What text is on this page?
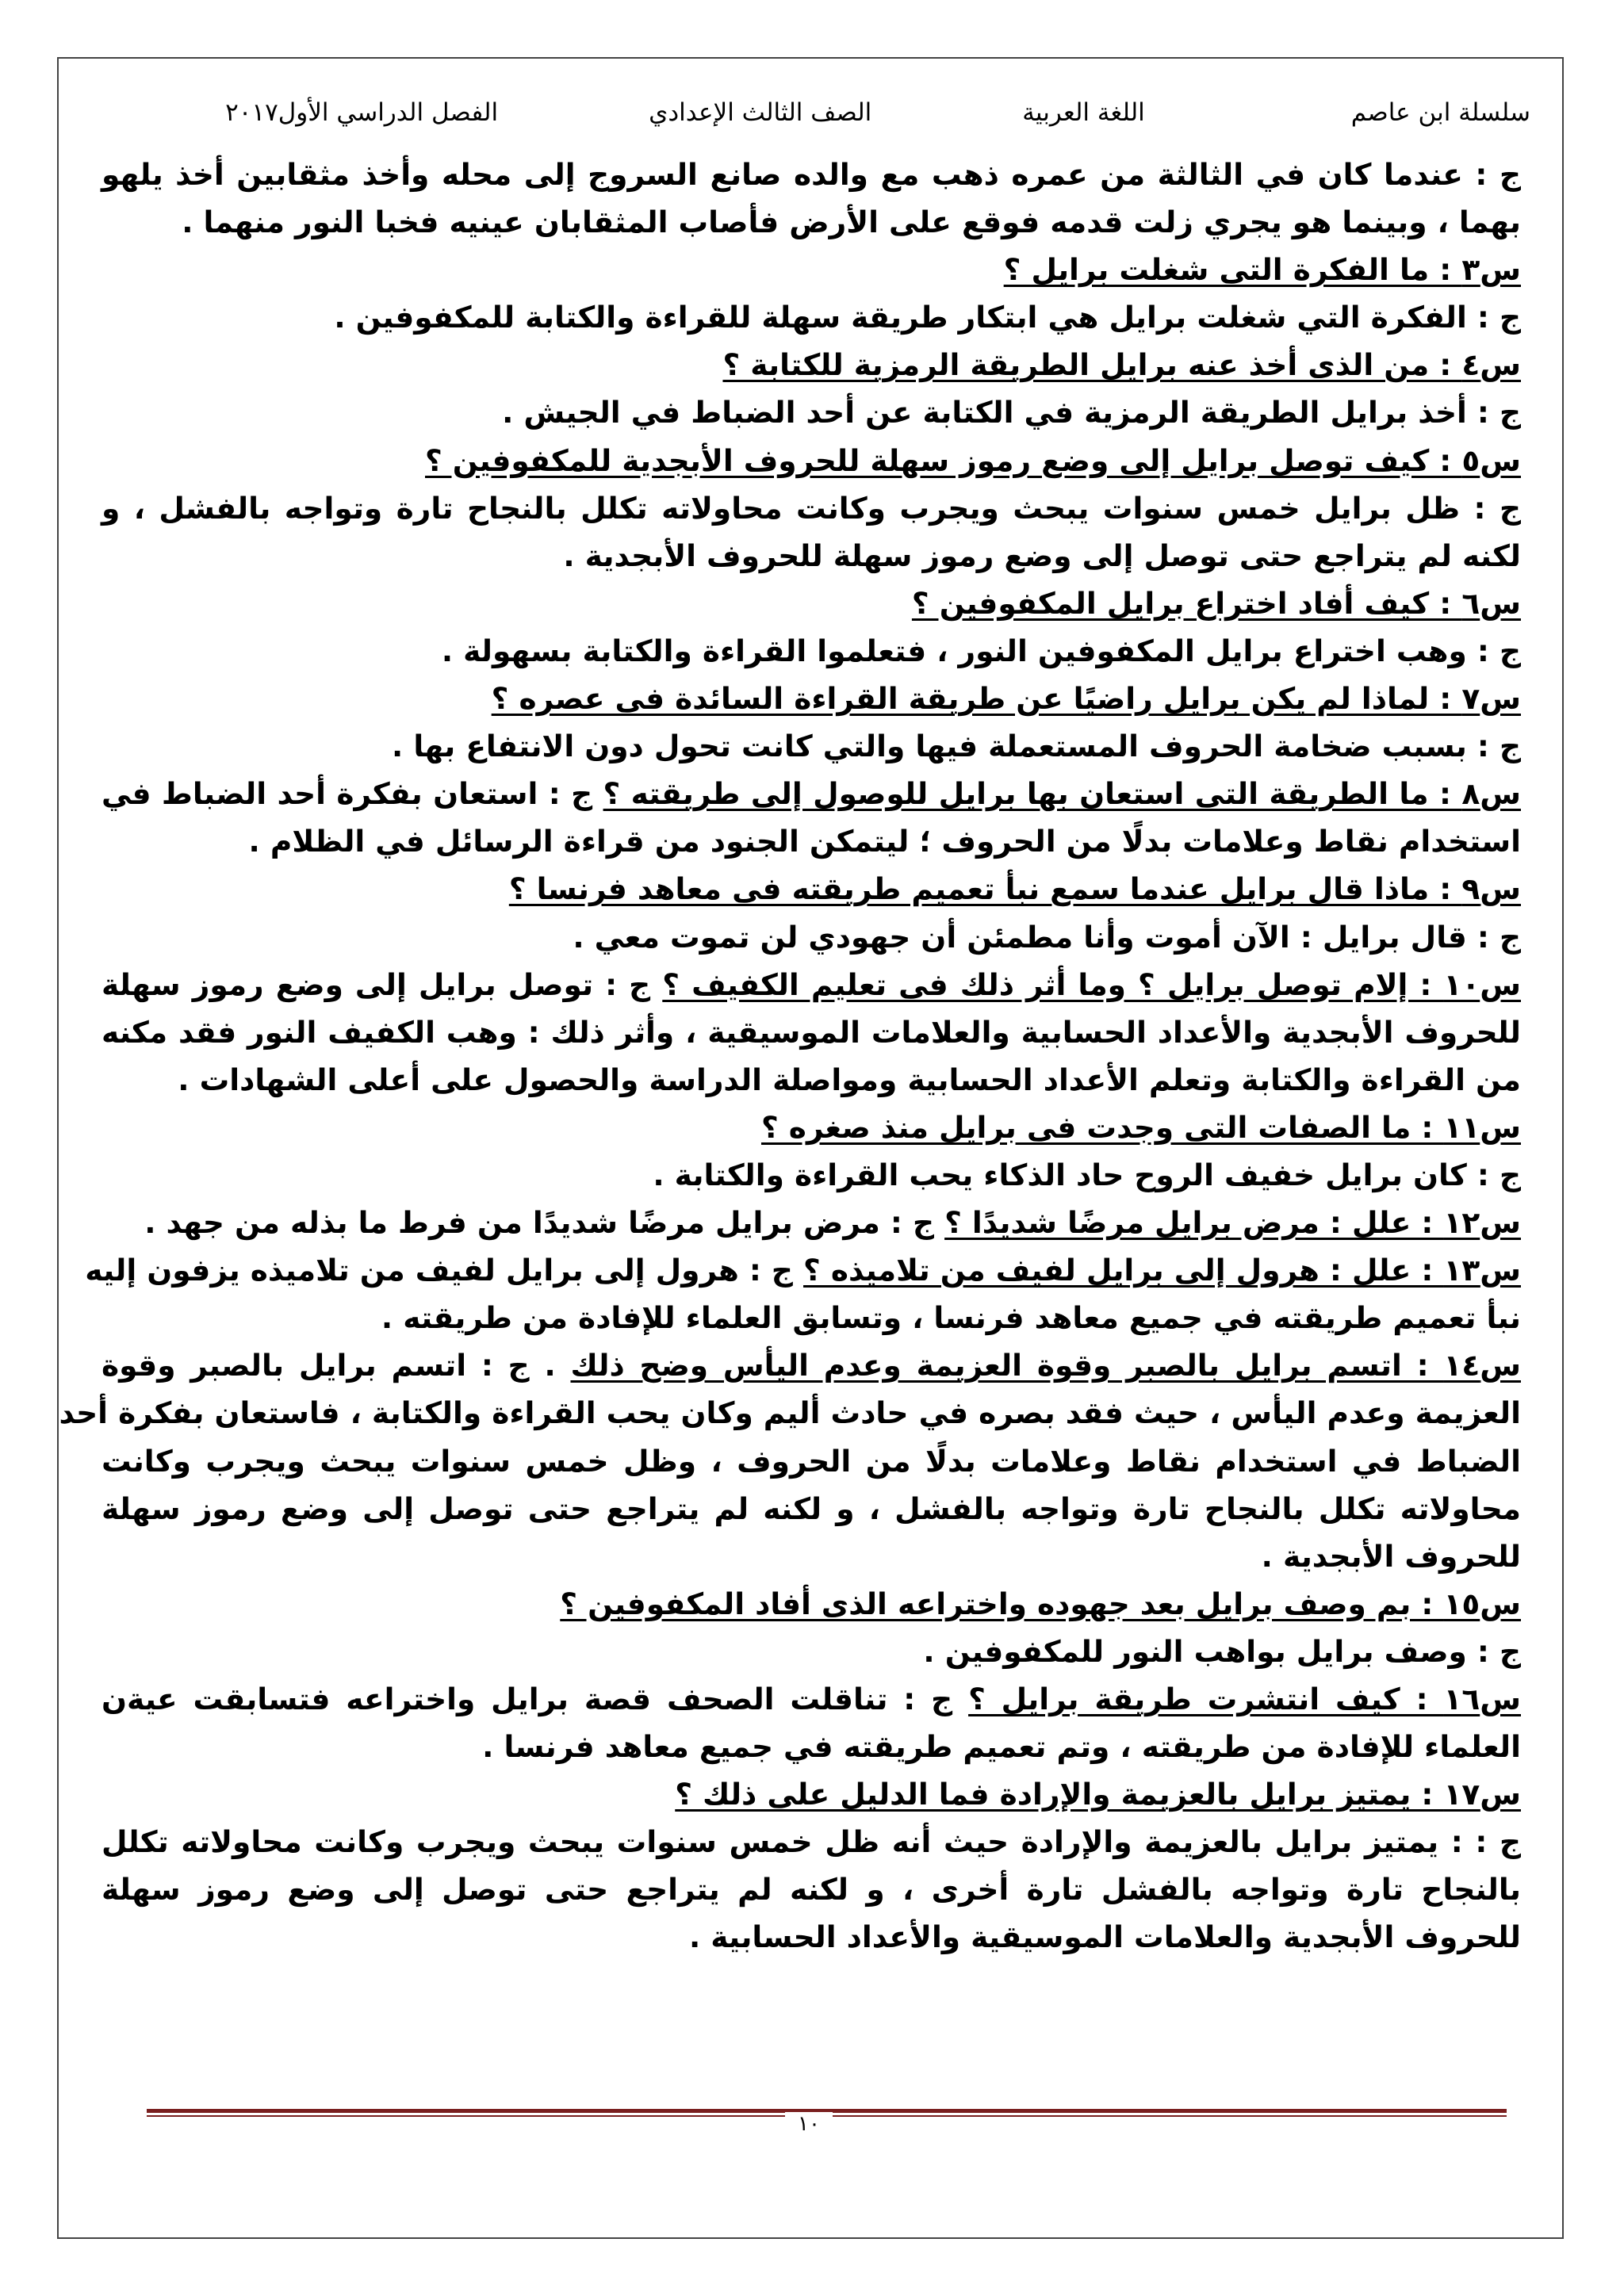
سلسلة ابن عاصم
اللغة العربية
الصف الثالث الإعدادي
الفصل الدراسي الأول
٢٠١٧
ج : عندما كان في الثالثة من عمره ذهب مع والده صانع السروج إلى محله وأخذ مثقابين أخذ يلهو
بهما ، وبينما هو يجري زلت قدمه فوقع على الأرض فأصاب المثقابان عينيه فخبا النور منهما .
س٣ : ما الفكرة التى شغلت برايل ؟
ج : الفكرة التي شغلت برايل هي ابتكار طريقة سهلة للقراءة والكتابة للمكفوفين .
س٤ : من الذى أخذ عنه برايل الطريقة الرمزية للكتابة ؟
ج : أخذ برايل الطريقة الرمزية في الكتابة عن أحد الضباط في الجيش .
س٥ : كيف توصل برايل إلى وضع رموز سهلة للحروف الأبجدية للمكفوفين ؟
ج : ظل برايل خمس سنوات يبحث ويجرب وكانت محاولاته تكلل بالنجاح تارة وتواجه بالفشل ، و
لكنه لم يتراجع حتى توصل إلى وضع رموز سهلة للحروف الأبجدية .
س٦ : كيف أفاد اختراع برايل المكفوفين ؟
ج : وهب اختراع برايل المكفوفين النور ، فتعلموا القراءة والكتابة بسهولة .
س٧ : لماذا لم يكن برايل راضيًا عن طريقة القراءة السائدة فى عصره ؟
ج : بسبب ضخامة الحروف المستعملة فيها والتي كانت تحول دون الانتفاع بها .
س٨ : ما الطريقة التى استعان بها برايل للوصول إلى طريقته ؟ ج : استعان بفكرة أحد الضباط في
استخدام نقاط وعلامات بدلًا من الحروف ؛ ليتمكن الجنود من قراءة الرسائل في الظلام .
س٩ : ماذا قال برايل عندما سمع نبأ تعميم طريقته فى معاهد فرنسا ؟
ج : قال برايل : الآن أموت وأنا مطمئن أن جهودي لن تموت معي .
س١٠ : إلام توصل برايل ؟ وما أثر ذلك فى تعليم الكفيف ؟ ج : توصل برايل إلى وضع رموز سهلة
للحروف الأبجدية والأعداد الحسابية والعلامات الموسيقية ، وأثر ذلك : وهب الكفيف النور فقد مكنه
من القراءة والكتابة وتعلم الأعداد الحسابية ومواصلة الدراسة والحصول على أعلى الشهادات .
س١١ : ما الصفات التى وجدت فى برايل منذ صغره ؟
ج : كان برايل خفيف الروح حاد الذكاء يحب القراءة والكتابة .
س١٢ : علل : مرض برايل مرضًا شديدًا ؟ ج : مرض برايل مرضًا شديدًا من فرط ما بذله من جهد .
س١٣ : علل : هرول إلى برايل لفيف من تلاميذه ؟ ج : هرول إلى برايل لفيف من تلاميذه يزفون إليه
نبأ تعميم طريقته في جميع معاهد فرنسا ، وتسابق العلماء للإفادة من طريقته .
س١٤ : اتسم برايل بالصبر وقوة العزيمة وعدم اليأس وضح ذلك . ج : اتسم برايل بالصبر وقوة
العزيمة وعدم اليأس ، حيث فقد بصره في حادث أليم وكان يحب القراءة والكتابة ، فاستعان بفكرة أحد
الضباط في استخدام نقاط وعلامات بدلًا من الحروف ، وظل خمس سنوات يبحث ويجرب وكانت
محاولاته تكلل بالنجاح تارة وتواجه بالفشل ، و لكنه لم يتراجع حتى توصل إلى وضع رموز سهلة
للحروف الأبجدية .
س١٥ : بم وصف برايل بعد جهوده واختراعه الذى أفاد المكفوفين ؟
ج : وصف برايل بواهب النور للمكفوفين .
س١٦ : كيف انتشرت طريقة برايل ؟ ج : تناقلت الصحف قصة برايل واختراعه فتسابقت عيةن
العلماء للإفادة من طريقته ، وتم تعميم طريقته في جميع معاهد فرنسا .
س١٧ : يمتيز برايل بالعزيمة والإرادة فما الدليل على ذلك ؟
ج : : يمتيز برايل بالعزيمة والإرادة حيث أنه ظل خمس سنوات يبحث ويجرب وكانت محاولاته تكلل
بالنجاح تارة وتواجه بالفشل تارة أخرى ، و لكنه لم يتراجع حتى توصل إلى وضع رموز سهلة
للحروف الأبجدية والعلامات الموسيقية والأعداد الحسابية .
١٠
